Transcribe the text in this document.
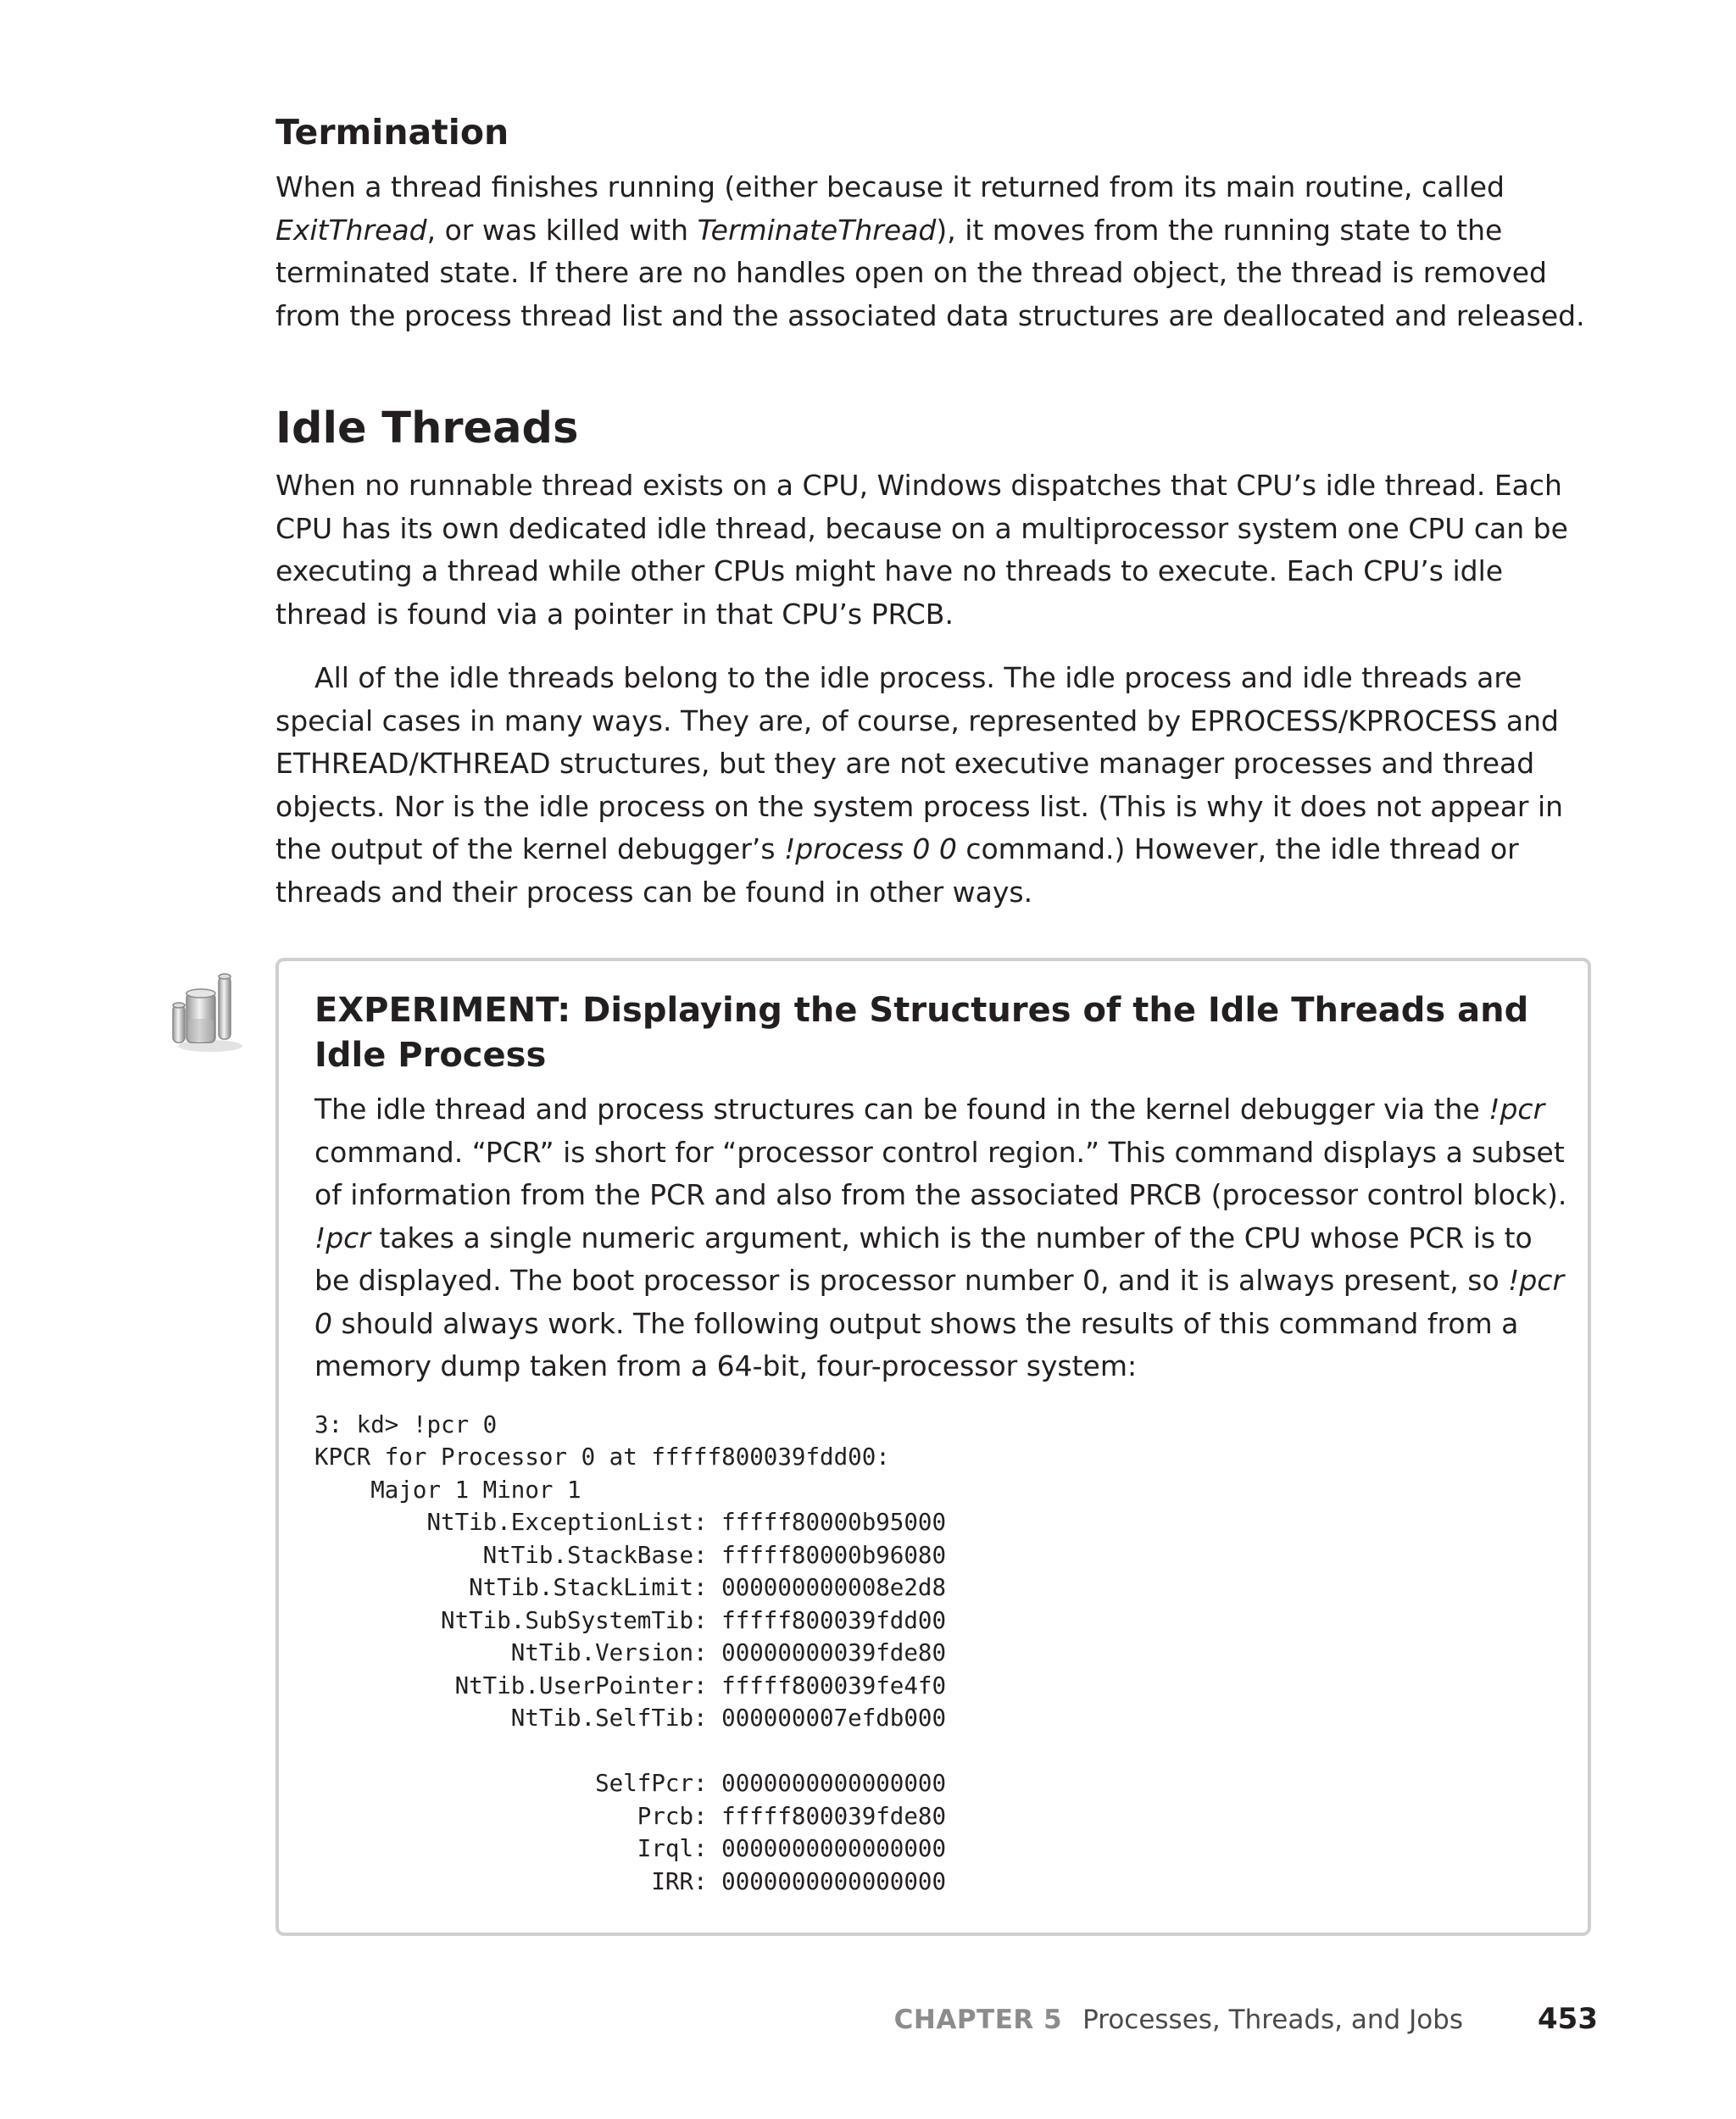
Termination

When a thread finishes running (either because it returned from its main routine, called ExitThread, or was killed with TerminateThread), it moves from the running state to the terminated state. If there are no handles open on the thread object, the thread is removed from the process thread list and the associated data structures are deallocated and released.

Idle Threads

When no runnable thread exists on a CPU, Windows dispatches that CPU’s idle thread. Each CPU has its own dedicated idle thread, because on a multiprocessor system one CPU can be executing a thread while other CPUs might have no threads to execute. Each CPU’s idle thread is found via a pointer in that CPU’s PRCB.

All of the idle threads belong to the idle process. The idle process and idle threads are special cases in many ways. They are, of course, represented by EPROCESS/KPROCESS and ETHREAD/KTHREAD structures, but they are not executive manager processes and thread objects. Nor is the idle process on the system process list. (This is why it does not appear in the output of the kernel debugger’s !process 0 0 command.) However, the idle thread or threads and their process can be found in other ways.

EXPERIMENT: Displaying the Structures of the Idle Threads and Idle Process

The idle thread and process structures can be found in the kernel debugger via the !pcr command. “PCR” is short for “processor control region.” This command displays a subset of information from the PCR and also from the associated PRCB (processor control block). !pcr takes a single numeric argument, which is the number of the CPU whose PCR is to be displayed. The boot processor is processor number 0, and it is always present, so !pcr 0 should always work. The following output shows the results of this command from a memory dump taken from a 64-bit, four-processor system:

3: kd> !pcr 0
KPCR for Processor 0 at fffff800039fdd00:
Major 1 Minor 1
NtTib.ExceptionList: fffff80000b95000
NtTib.StackBase: fffff80000b96080
NtTib.StackLimit: 000000000008e2d8
NtTib.SubSystemTib: fffff800039fdd00
NtTib.Version: 00000000039fde80
NtTib.UserPointer: fffff800039fe4f0
NtTib.SelfTib: 000000007efdb000

SelfPcr: 0000000000000000
Prcb: fffff800039fde80
Irql: 0000000000000000
IRR: 0000000000000000
CHAPTER 5 Processes, Threads, and Jobs	453
